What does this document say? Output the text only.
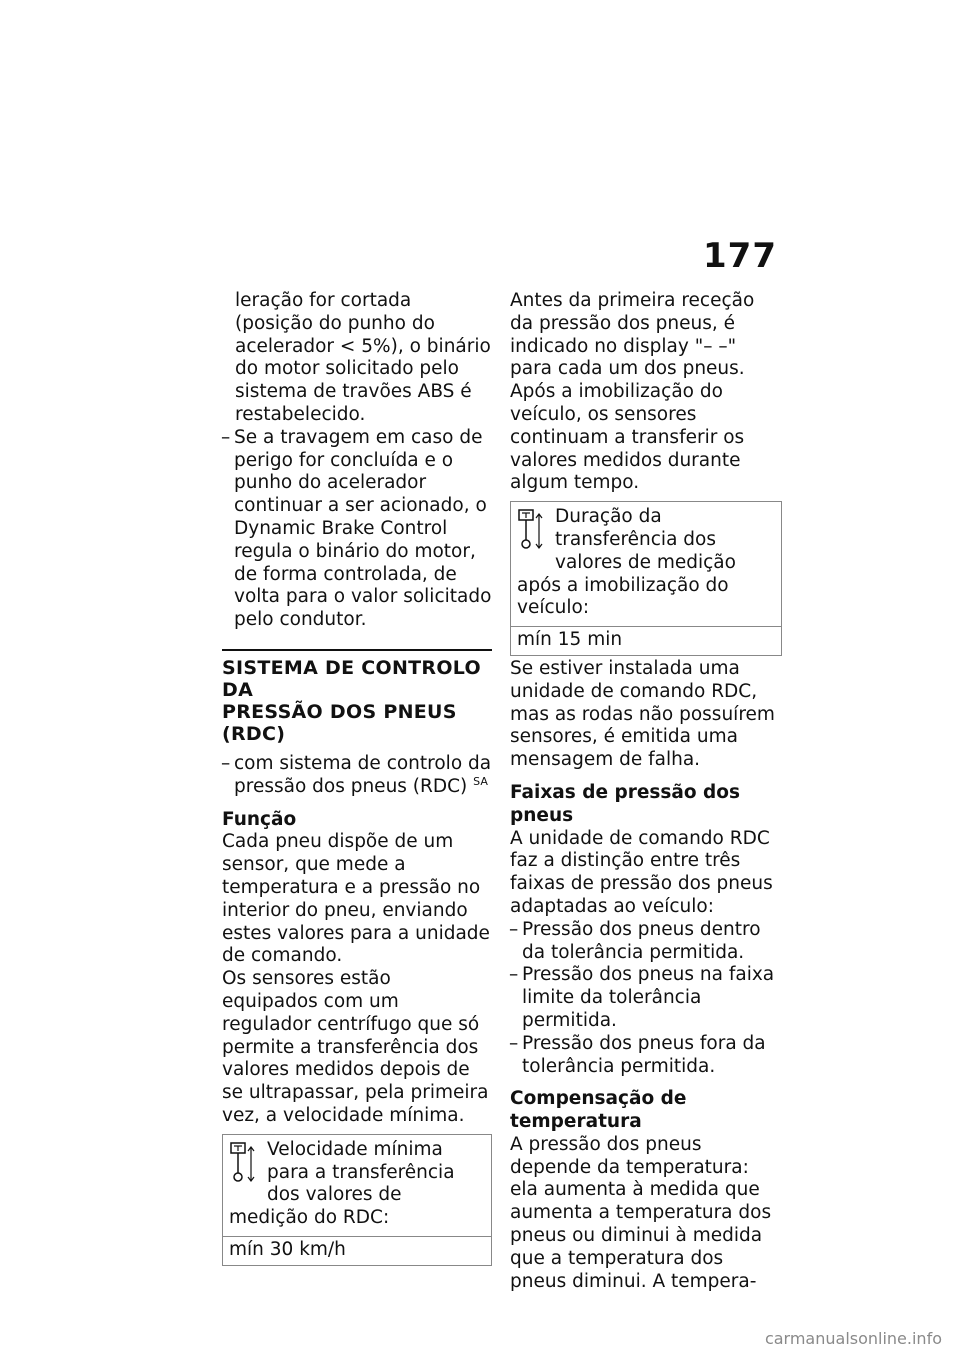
177

leração for cortada (posição do punho do acelerador < 5%), o binário do motor solicitado pelo sistema de travões ABS é restabelecido.

– Se a travagem em caso de perigo for concluída e o punho do acelerador continuar a ser acionado, o Dynamic Brake Control regula o binário do motor, de forma controlada, de volta para o valor solicitado pelo condutor.
SISTEMA DE CONTROLO DA
PRESSÃO DOS PNEUS (RDC)
– com sistema de controlo da pressão dos pneus (RDC) $^{SA}$
Função

Cada pneu dispõe de um sensor, que mede a temperatura e a pressão no interior do pneu, enviando estes valores para a unidade de comando.

Os sensores estão equipados com um regulador centrífugo que só permite a transferência dos valores medidos depois de se ultrapassar, pela primeira vez, a velocidade mínima.

Velocidade mínima para a transferência dos valores de medição do RDC:
mín 30 km/h

Antes da primeira receção da pressão dos pneus, é indicado no display "– –" para cada um dos pneus. Após a imobilização do veículo, os sensores continuam a transferir os valores medidos durante algum tempo.

Duração da transferência dos valores de medição após a imobilização do veículo:
mín 15 min

Se estiver instalada uma unidade de comando RDC, mas as rodas não possuírem sensores, é emitida uma mensagem de falha.

Faixas de pressão dos pneus

A unidade de comando RDC faz a distinção entre três faixas de pressão dos pneus adaptadas ao veículo:

– Pressão dos pneus dentro da tolerância permitida.
– Pressão dos pneus na faixa limite da tolerância permitida.
– Pressão dos pneus fora da tolerância permitida.
Compensação de temperatura

A pressão dos pneus depende da temperatura: ela aumenta à medida que aumenta a temperatura dos pneus ou diminui à medida que a temperatura dos pneus diminui. A tempera-

carmanualsonline.info
